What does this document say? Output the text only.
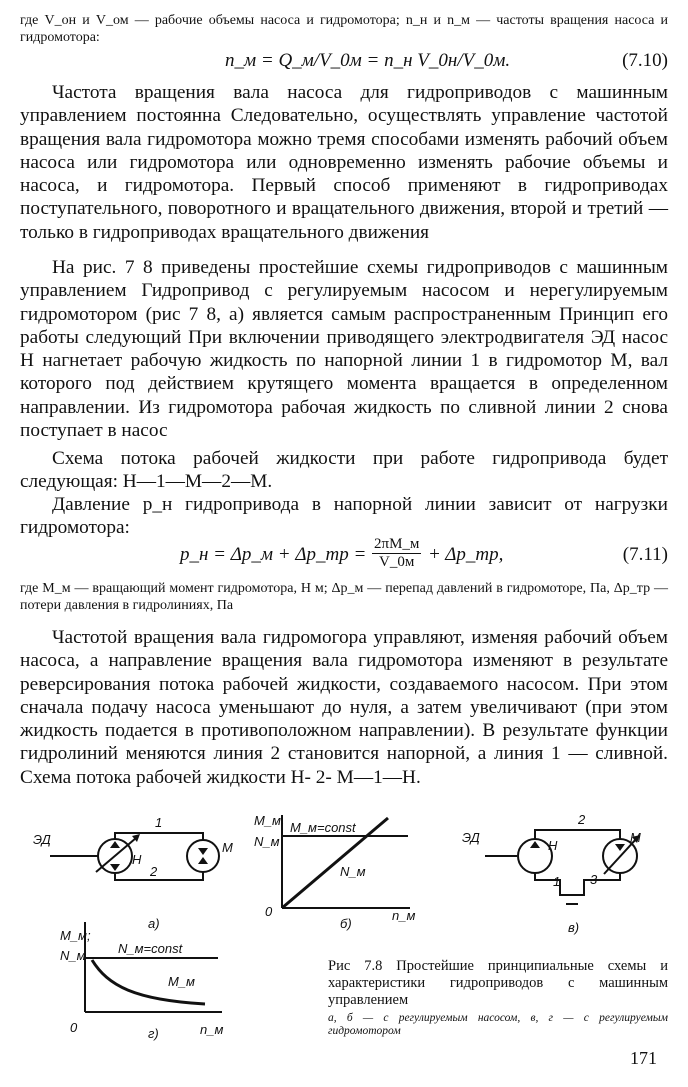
где V_он и V_ом — рабочие объемы насоса и гидромотора; n_н и n_м — частоты вращения насоса и гидромотора:

n_м = Q_м/V_0м = n_н V_0н/V_0м.	(7.10)

Частота вращения вала насоса для гидроприводов с машинным управлением постоянна Следовательно, осуществлять управление частотой вращения вала гидромотора можно тремя способами изменять рабочий объем насоса или гидромотора или одновременно изменять рабочие объемы и насоса, и гидромотора. Первый способ применяют в гидроприводах поступательного, поворотного и вращательного движения, второй и третий — только в гидроприводах вращательного движения

На рис. 7 8 приведены простейшие схемы гидроприводов с машинным управлением Гидропривод с регулируемым насосом и нерегулируемым гидромотором (рис 7 8, а) является самым распространенным Принцип его работы следующий При включении приводящего электродвигателя ЭД насос Н нагнетает рабочую жидкость по напорной линии 1 в гидромотор М, вал которого под действием крутящего момента вращается в определенном направлении. Из гидромотора рабочая жидкость по сливной линии 2 снова поступает в насос

Схема потока рабочей жидкости при работе гидропривода будет следующая: Н—1—М—2—М.

Давление p_н гидропривода в напорной линии зависит от нагрузки гидромотора:

p_н = Δp_м + Δp_тр = 2πM_м
V_0м + Δp_тр,	(7.11)

где M_м — вращающий момент гидромотора, Н м; Δp_м — перепад давлений в гидромоторе, Па, Δp_тр — потери давления в гидролиниях, Па

Частотой вращения вала гидромогора управляют, изменяя рабочий объем насоса, а направление вращения вала гидромотора изменяют в результате реверсирования потока рабочей жидкости, создаваемого насосом. При этом сначала подачу насоса уменьшают до нуля, а затем увеличивают (при этом жидкость подается в противоположном направлении). В результате функции гидролиний меняются линия 2 становится напорной, а линия 1 — сливной. Схема потока рабочей жидкости Н- 2- М—1—Н.

ЭД
Н
М
1
2
а)
M_м,
N_м
M_м=const
N_м
0	n_м
б)
ЭД
Н
М
2
1 3
в)
M_м;
N_м N_м=const
M_м
0	n_м
г)
Рис 7.8 Простейшие принципиальные схемы и характеристики гидроприводов с машинным управлением
а, б — с регулируемым насосом, в, г — с регулируемым гидромотором
171
